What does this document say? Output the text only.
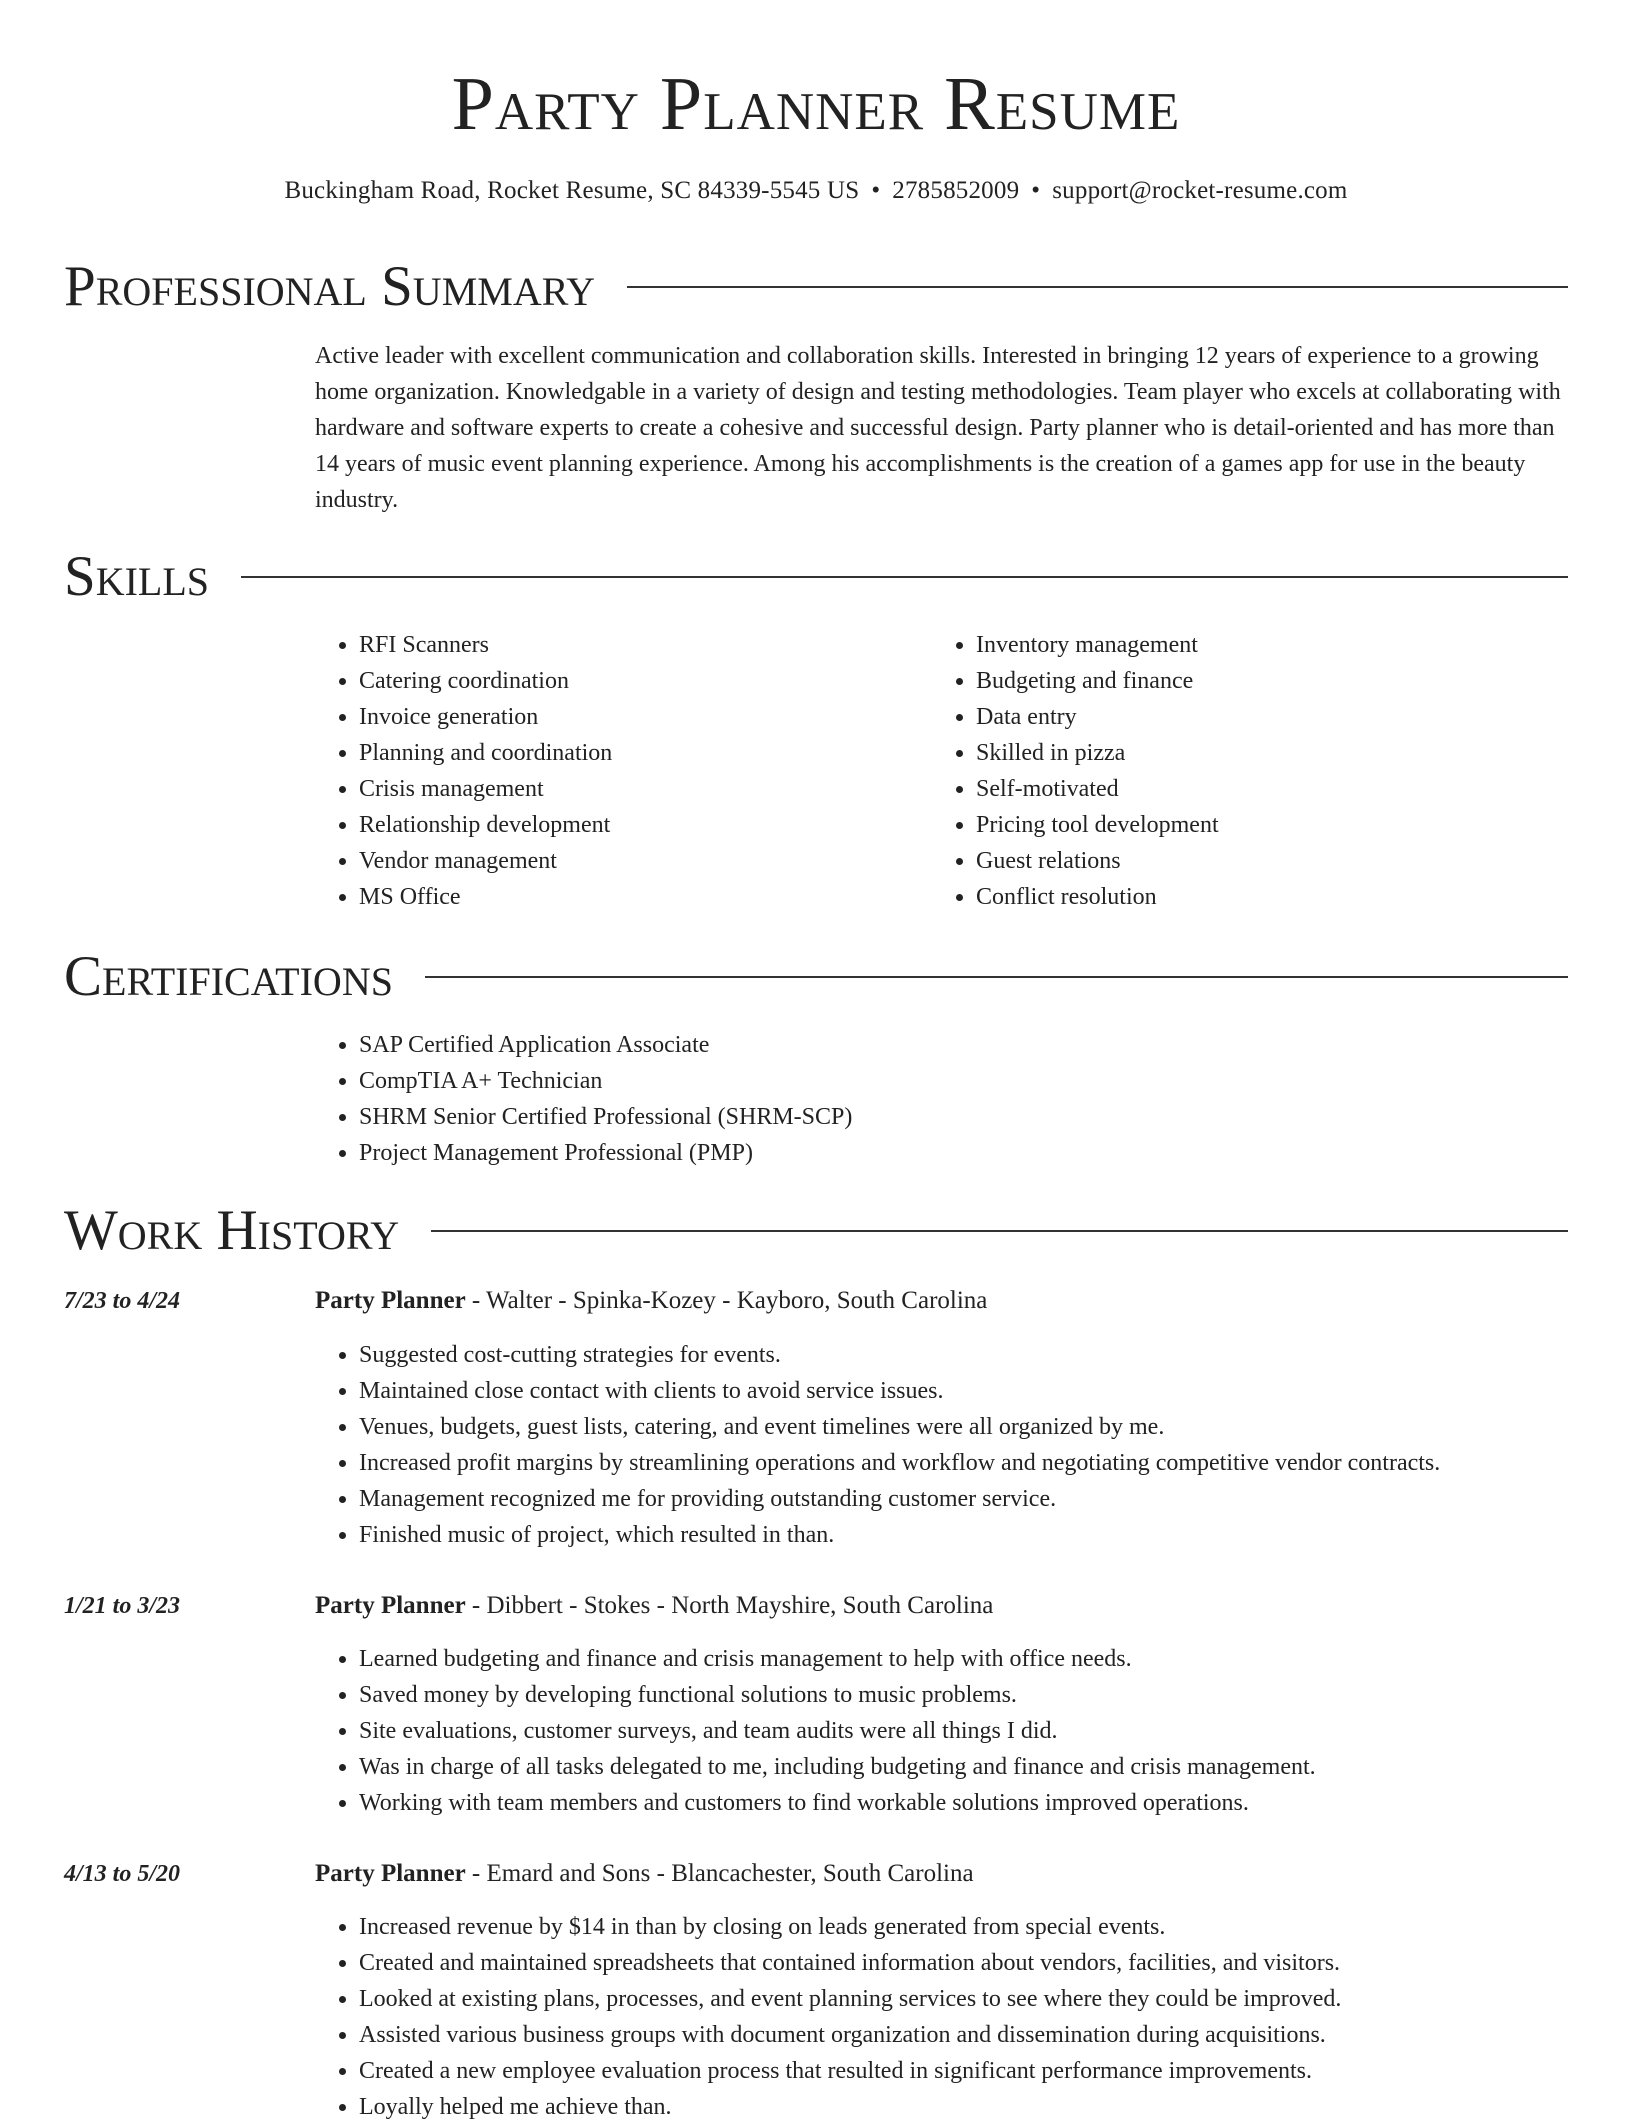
Party Planner Resume
Buckingham Road, Rocket Resume, SC 84339-5545 US • 2785852009 • support@rocket-resume.com
Professional Summary

Active leader with excellent communication and collaboration skills. Interested in bringing 12 years of experience to a growing home organization. Knowledgable in a variety of design and testing methodologies. Team player who excels at collaborating with hardware and software experts to create a cohesive and successful design. Party planner who is detail-oriented and has more than 14 years of music event planning experience. Among his accomplishments is the creation of a games app for use in the beauty industry.

Skills
• RFI Scanners
• Catering coordination
• Invoice generation
• Planning and coordination
• Crisis management
• Relationship development
• Vendor management
• MS Office
• Inventory management
• Budgeting and finance
• Data entry
• Skilled in pizza
• Self-motivated
• Pricing tool development
• Guest relations
• Conflict resolution
Certifications
• SAP Certified Application Associate
• CompTIA A+ Technician
• SHRM Senior Certified Professional (SHRM-SCP)
• Project Management Professional (PMP)
Work History
7/23 to 4/24	Party Planner - Walter - Spinka-Kozey - Kayboro, South Carolina
• Suggested cost-cutting strategies for events.
• Maintained close contact with clients to avoid service issues.
• Venues, budgets, guest lists, catering, and event timelines were all organized by me.
• Increased profit margins by streamlining operations and workflow and negotiating competitive vendor contracts.
• Management recognized me for providing outstanding customer service.
• Finished music of project, which resulted in than.
1/21 to 3/23	Party Planner - Dibbert - Stokes - North Mayshire, South Carolina
• Learned budgeting and finance and crisis management to help with office needs.
• Saved money by developing functional solutions to music problems.
• Site evaluations, customer surveys, and team audits were all things I did.
• Was in charge of all tasks delegated to me, including budgeting and finance and crisis management.
• Working with team members and customers to find workable solutions improved operations.
4/13 to 5/20	Party Planner - Emard and Sons - Blancachester, South Carolina
• Increased revenue by $14 in than by closing on leads generated from special events.
• Created and maintained spreadsheets that contained information about vendors, facilities, and visitors.
• Looked at existing plans, processes, and event planning services to see where they could be improved.
• Assisted various business groups with document organization and dissemination during acquisitions.
• Created a new employee evaluation process that resulted in significant performance improvements.
• Loyally helped me achieve than.
